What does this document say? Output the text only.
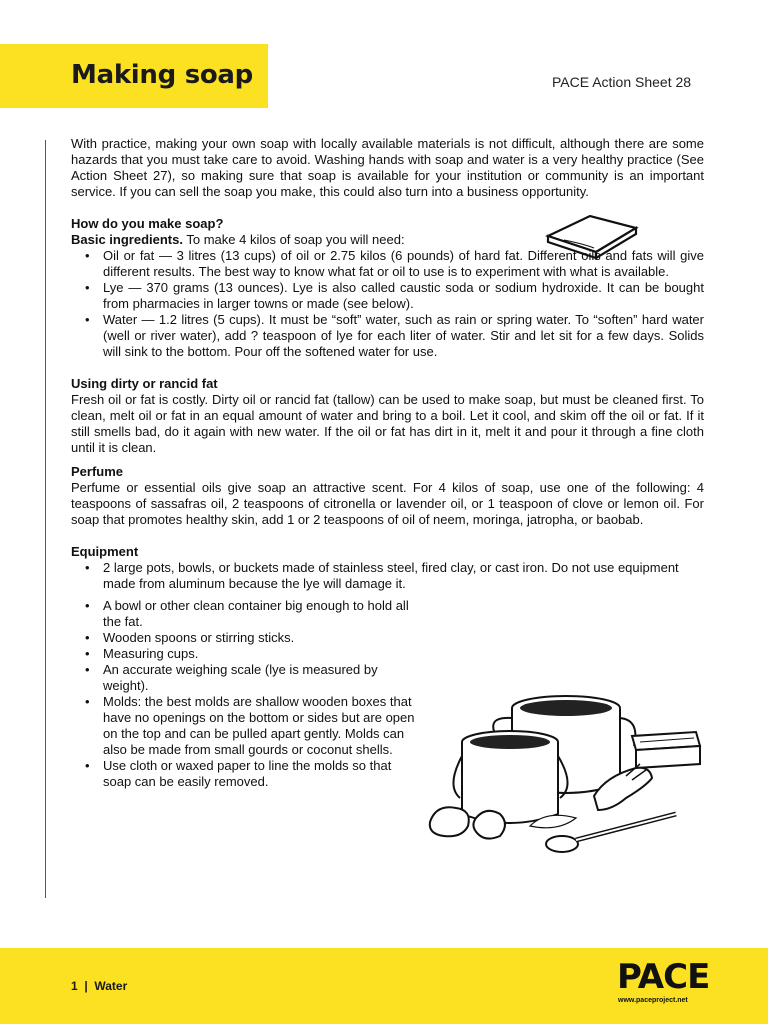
Making soap	PACE Action Sheet 28

With practice, making your own soap with locally available materials is not difficult, although there are some hazards that you must take care to avoid. Washing hands with soap and water is a very healthy practice (See Action Sheet 27), so making sure that soap is available for your institution or community is an important service. If you can sell the soap you make, this could also turn into a business opportunity.

How do you make soap?

Basic ingredients. To make 4 kilos of soap you will need:

• Oil or fat — 3 litres (13 cups) of oil or 2.75 kilos (6 pounds) of hard fat. Different oils and fats will give different results. The best way to know what fat or oil to use is to experiment with what is available.
• Lye — 370 grams (13 ounces). Lye is also called caustic soda or sodium hydroxide. It can be bought from pharmacies in larger towns or made (see below).
• Water — 1.2 litres (5 cups). It must be “soft” water, such as rain or spring water. To “soften” hard water (well or river water), add ? teaspoon of lye for each liter of water. Stir and let sit for a few days. Solids will sink to the bottom. Pour off the softened water for use.
Using dirty or rancid fat

Fresh oil or fat is costly. Dirty oil or rancid fat (tallow) can be used to make soap, but must be cleaned first. To clean, melt oil or fat in an equal amount of water and bring to a boil. Let it cool, and skim off the oil or fat. If it still smells bad, do it again with new water. If the oil or fat has dirt in it, melt it and pour it through a fine cloth until it is clean.

Perfume

Perfume or essential oils give soap an attractive scent. For 4 kilos of soap, use one of the following: 4 teaspoons of sassafras oil, 2 teaspoons of citronella or lavender oil, or 1 teaspoon of clove or lemon oil. For soap that promotes healthy skin, add 1 or 2 teaspoons of oil of neem, moringa, jatropha, or baobab.

Equipment
• 2 large pots, bowls, or buckets made of stainless steel, fired clay, or cast iron. Do not use equipment
made from aluminum because the lye will damage it.
• A bowl or other clean container big enough to hold all the fat.
• Wooden spoons or stirring sticks.
• Measuring cups.
• An accurate weighing scale (lye is measured by weight).
• Molds: the best molds are shallow wooden boxes that have no openings on the bottom or sides but are open on the top and can be pulled apart gently. Molds can also be made from small gourds or coconut shells.
• Use cloth or waxed paper to line the molds so that soap can be easily removed.
1  |  Water	PACE
www.paceproject.net
